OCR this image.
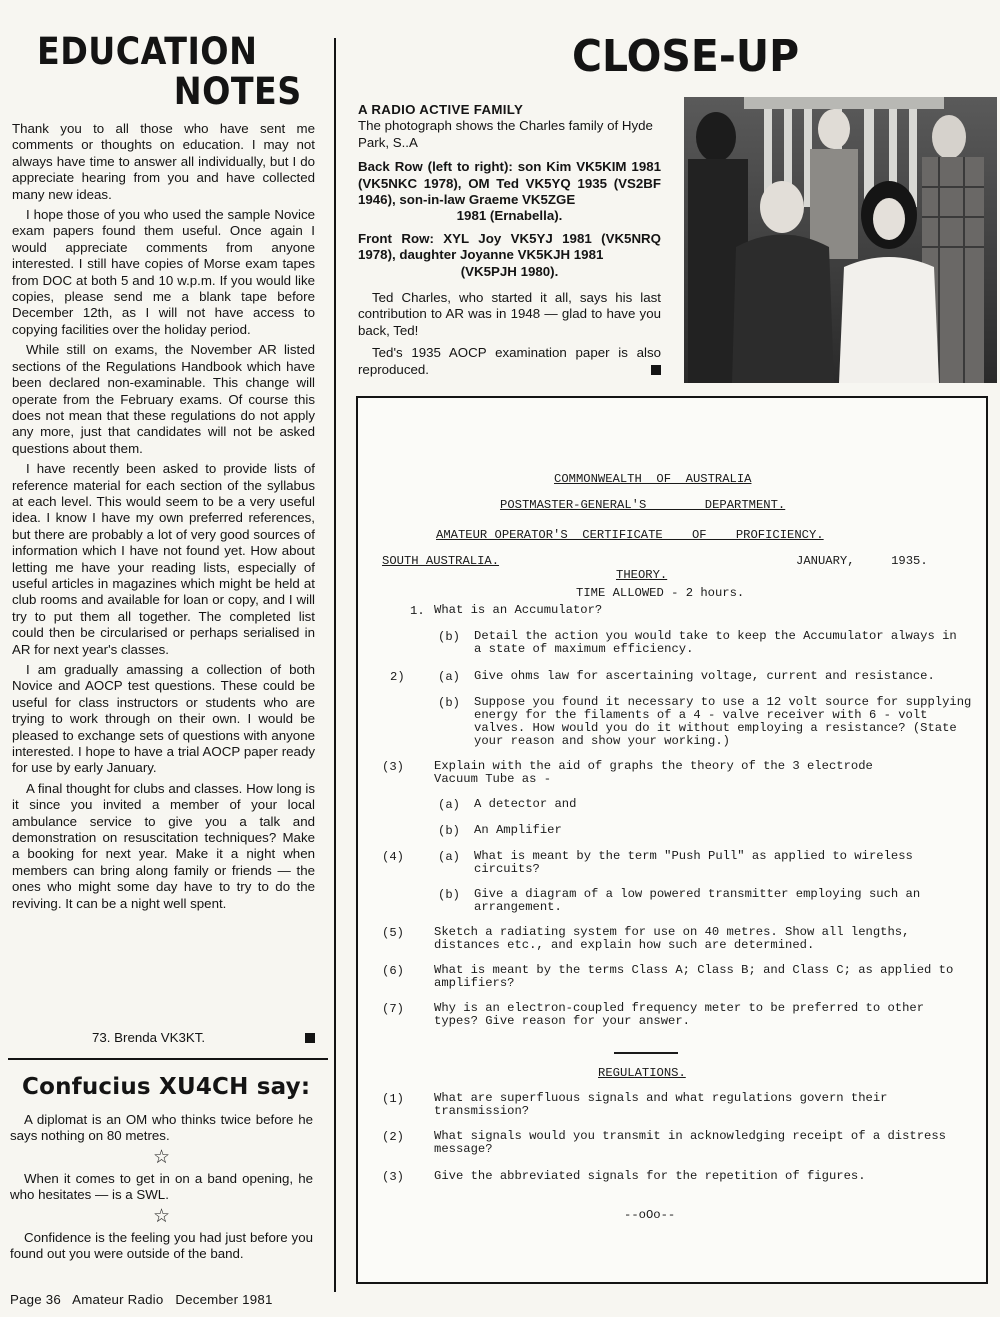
EDUCATION
NOTES

Thank you to all those who have sent me comments or thoughts on education. I may not always have time to answer all individually, but I do appreciate hearing from you and have collected many new ideas.

I hope those of you who used the sample Novice exam papers found them useful. Once again I would appreciate comments from anyone interested. I still have copies of Morse exam tapes from DOC at both 5 and 10 w.p.m. If you would like copies, please send me a blank tape before December 12th, as I will not have access to copying facilities over the holiday period.

While still on exams, the November AR listed sections of the Regulations Handbook which have been declared non-examinable. This change will operate from the February exams. Of course this does not mean that these regulations do not apply any more, just that candidates will not be asked questions about them.

I have recently been asked to provide lists of reference material for each section of the syllabus at each level. This would seem to be a very useful idea. I know I have my own preferred references, but there are probably a lot of very good sources of information which I have not found yet. How about letting me have your reading lists, especially of useful articles in magazines which might be held at club rooms and available for loan or copy, and I will try to put them all together. The completed list could then be circularised or perhaps serialised in AR for next year's classes.

I am gradually amassing a collection of both Novice and AOCP test questions. These could be useful for class instructors or students who are trying to work through on their own. I would be pleased to exchange sets of questions with anyone interested. I hope to have a trial AOCP paper ready for use by early January.

A final thought for clubs and classes. How long is it since you invited a member of your local ambulance service to give you a talk and demonstration on resuscitation techniques? Make a booking for next year. Make it a night when members can bring along family or friends — the ones who might some day have to try to do the reviving. It can be a night well spent.

73. Brenda VK3KT.
Confucius XU4CH say:

A diplomat is an OM who thinks twice before he says nothing on 80 metres.

☆

When it comes to get in on a band opening, he who hesitates — is a SWL.

☆

Confidence is the feeling you had just before you found out you were outside of the band.

Page 36 Amateur Radio December 1981
CLOSE-UP

A RADIO ACTIVE FAMILY
The photograph shows the Charles family of Hyde Park, S..A

Back Row (left to right): son Kim VK5KIM 1981 (VK5NKC 1978), OM Ted VK5YQ 1935 (VS2BF 1946), son-in-law Graeme VK5ZGE

1981 (Ernabella).

Front Row: XYL Joy VK5YJ 1981 (VK5NRQ 1978), daughter Joyanne VK5KJH 1981

(VK5PJH 1980).

Ted Charles, who started it all, says his last contribution to AR was in 1948 — glad to have you back, Ted!

Ted's 1935 AOCP examination paper is also reproduced.

COMMONWEALTH  OF  AUSTRALIA
POSTMASTER-GENERAL'S        DEPARTMENT.
AMATEUR OPERATOR'S  CERTIFICATE    OF    PROFICIENCY.
SOUTH AUSTRALIA.	JANUARY,     1935.
THEORY.
TIME ALLOWED - 2 hours.
1. What is an Accumulator?
(b) Detail the action you would take to keep the Accumulator always in a state of maximum efficiency.
2)	(a) Give ohms law for ascertaining voltage, current and resistance.
(b) Suppose you found it necessary to use a 12 volt source for supplying energy for the filaments of a 4 - valve receiver with 6 - volt valves. How would you do it without employing a resistance? (State your reason and show your working.)
(3) Explain with the aid of graphs the theory of the 3 electrode Vacuum Tube as -
(a) A detector and
(b) An Amplifier
(4)	(a) What is meant by the term "Push Pull" as applied to wireless circuits?
(b) Give a diagram of a low powered transmitter employing such an arrangement.
(5) Sketch a radiating system for use on 40 metres. Show all lengths, distances etc., and explain how such are determined.
(6) What is meant by the terms Class A; Class B; and Class C; as applied to amplifiers?
(7) Why is an electron-coupled frequency meter to be preferred to other types? Give reason for your answer.
REGULATIONS.
(1) What are superfluous signals and what regulations govern their transmission?
(2) What signals would you transmit in acknowledging receipt of a distress message?
(3) Give the abbreviated signals for the repetition of figures.
--oOo--
